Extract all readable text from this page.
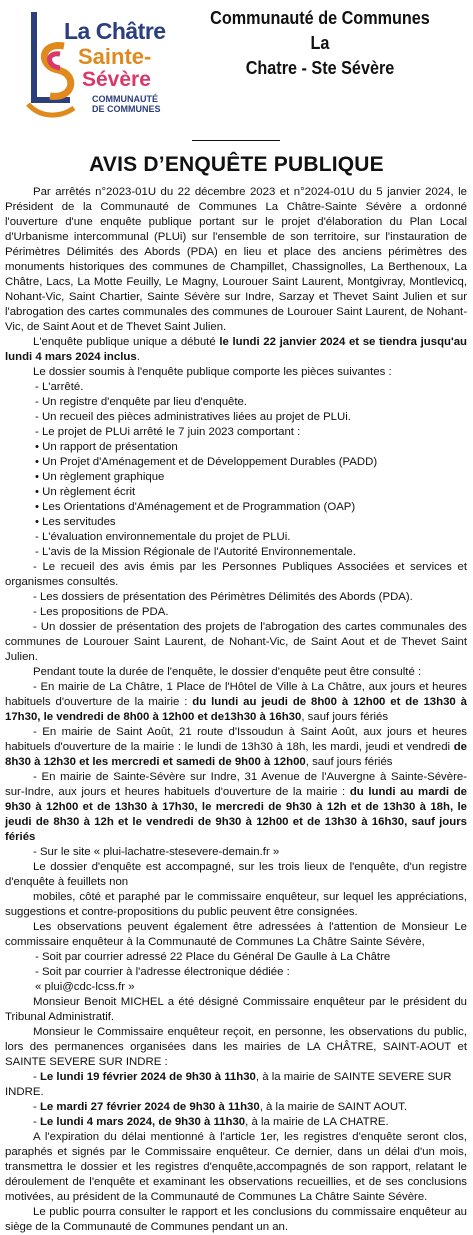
La Châtre
Sainte-
Sévère
COMMUNAUTÉ
DE COMMUNES
Communauté de Communes La
Chatre - Ste Sévère
AVIS D’ENQUÊTE PUBLIQUE

Par arrêtés n°2023-01U du 22 décembre 2023 et n°2024-01U du 5 janvier 2024, le Président de la Communauté de Communes La Châtre-Sainte Sévère a ordonné l'ouverture d'une enquête publique portant sur le projet d'élaboration du Plan Local d'Urbanisme intercommunal (PLUi) sur l'ensemble de son territoire, sur l'instauration de Périmètres Délimités des Abords (PDA) en lieu et place des anciens périmètres des monuments historiques des communes de Champillet, Chassignolles, La Berthenoux, La Châtre, Lacs, La Motte Feuilly, Le Magny, Lourouer Saint Laurent, Montgivray, Montlevicq, Nohant-Vic, Saint Chartier, Sainte Sévère sur Indre, Sarzay et Thevet Saint Julien et sur l'abrogation des cartes communales des communes de Lourouer Saint Laurent, de Nohant-Vic, de Saint Aout et de Thevet Saint Julien.

L'enquête publique unique a débuté le lundi 22 janvier 2024 et se tiendra jusqu'au lundi 4 mars 2024 inclus.

Le dossier soumis à l'enquête publique comporte les pièces suivantes :

- L'arrêté.

- Un registre d'enquête par lieu d'enquête.

- Un recueil des pièces administratives liées au projet de PLUi.

- Le projet de PLUi arrêté le 7 juin 2023 comportant :

• Un rapport de présentation

• Un Projet d'Aménagement et de Développement Durables (PADD)

• Un règlement graphique

• Un règlement écrit

• Les Orientations d'Aménagement et de Programmation (OAP)

• Les servitudes

- L'évaluation environnementale du projet de PLUi.

- L'avis de la Mission Régionale de l'Autorité Environnementale.

- Le recueil des avis émis par les Personnes Publiques Associées et services et organismes consultés.

- Les dossiers de présentation des Périmètres Délimités des Abords (PDA).

- Les propositions de PDA.

- Un dossier de présentation des projets de l'abrogation des cartes communales des communes de Lourouer Saint Laurent, de Nohant-Vic, de Saint Aout et de Thevet Saint Julien.

Pendant toute la durée de l'enquête, le dossier d'enquête peut être consulté :

- En mairie de La Châtre, 1 Place de l'Hôtel de Ville à La Châtre, aux jours et heures habituels d'ouverture de la mairie : du lundi au jeudi de 8h00 à 12h00 et de 13h30 à 17h30, le vendredi de 8h00 à 12h00 et de13h30 à 16h30, sauf jours fériés

- En mairie de Saint Août, 21 route d'Issoudun à Saint Août, aux jours et heures habituels d'ouverture de la mairie : le lundi de 13h30 à 18h, les mardi, jeudi et vendredi de 8h30 à 12h30 et les mercredi et samedi de 9h00 à 12h00, sauf jours fériés

- En mairie de Sainte-Sévère sur Indre, 31 Avenue de l'Auvergne à Sainte-Sévère-sur-Indre, aux jours et heures habituels d'ouverture de la mairie : du lundi au mardi de 9h30 à 12h00 et de 13h30 à 17h30, le mercredi de 9h30 à 12h et de 13h30 à 18h, le jeudi de 8h30 à 12h et le vendredi de 9h30 à 12h00 et de 13h30 à 16h30, sauf jours fériés

- Sur le site « plui-lachatre-stesevere-demain.fr »

Le dossier d'enquête est accompagné, sur les trois lieux de l'enquête, d'un registre d'enquête à feuillets non

mobiles, côté et paraphé par le commissaire enquêteur, sur lequel les appréciations, suggestions et contre-propositions du public peuvent être consignées.

Les observations peuvent également être adressées à l'attention de Monsieur Le commissaire enquêteur à la Communauté de Communes La Châtre Sainte Sévère,

- Soit par courrier adressé 22 Place du Général De Gaulle à La Châtre

- Soit par courrier à l'adresse électronique dédiée :

« plui@cdc-lcss.fr »

Monsieur Benoit MICHEL a été désigné Commissaire enquêteur par le président du Tribunal Administratif.

Monsieur le Commissaire enquêteur reçoit, en personne, les observations du public, lors des permanences organisées dans les mairies de LA CHÂTRE, SAINT-AOUT et SAINTE SEVERE SUR INDRE :

- Le lundi 19 février 2024 de 9h30 à 11h30, à la mairie de SAINTE SEVERE SUR INDRE.

- Le mardi 27 février 2024 de 9h30 à 11h30, à la mairie de SAINT AOUT.

- Le lundi 4 mars 2024, de 9h30 à 11h30, à la mairie de LA CHATRE.

A l'expiration du délai mentionné à l'article 1er, les registres d'enquête seront clos, paraphés et signés par le Commissaire enquêteur. Ce dernier, dans un délai d'un mois, transmettra le dossier et les registres d'enquête,accompagnés de son rapport, relatant le déroulement de l'enquête et examinant les observations recueillies, et de ses conclusions motivées, au président de la Communauté de Communes La Châtre Sainte Sévère.

Le public pourra consulter le rapport et les conclusions du commissaire enquêteur au siège de la Communauté de Communes pendant un an.
